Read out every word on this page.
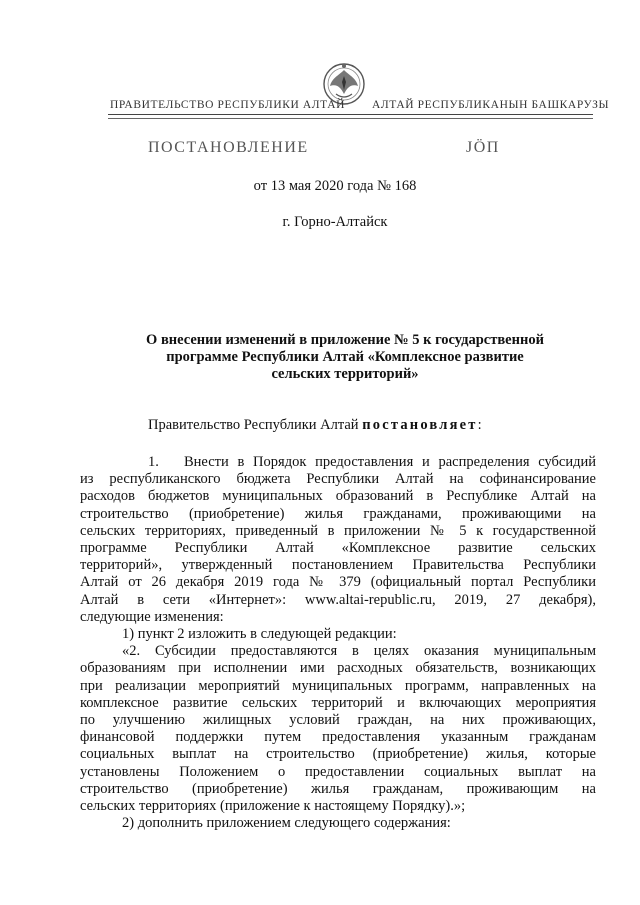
ПРАВИТЕЛЬСТВО РЕСПУБЛИКИ АЛТАЙ АЛТАЙ РЕСПУБЛИКАНЫН БАШКАРУЗЫ
ПОСТАНОВЛЕНИЕ	ЈӦП
от 13 мая 2020 года № 168
г. Горно-Алтайск
О внесении изменений в приложение № 5 к государственной
программе Республики Алтай «Комплексное развитие
сельских территорий»
Правительство Республики Алтай постановляет:
1. Внести в Порядок предоставления и распределения субсидий
из республиканского бюджета Республики Алтай на софинансирование
расходов бюджетов муниципальных образований в Республике Алтай на
строительство (приобретение) жилья гражданами, проживающими на
сельских территориях, приведенный в приложении № 5 к государственной
программе Республики Алтай «Комплексное развитие сельских
территорий», утвержденный постановлением Правительства Республики
Алтай от 26 декабря 2019 года № 379 (официальный портал Республики
Алтай в сети «Интернет»: www.altai-republic.ru, 2019, 27 декабря),
следующие изменения:
1) пункт 2 изложить в следующей редакции:
«2. Субсидии предоставляются в целях оказания муниципальным
образованиям при исполнении ими расходных обязательств, возникающих
при реализации мероприятий муниципальных программ, направленных на
комплексное развитие сельских территорий и включающих мероприятия
по улучшению жилищных условий граждан, на них проживающих,
финансовой поддержки путем предоставления указанным гражданам
социальных выплат на строительство (приобретение) жилья, которые
установлены Положением о предоставлении социальных выплат на
строительство (приобретение) жилья гражданам, проживающим на
сельских территориях (приложение к настоящему Порядку).»;
2) дополнить приложением следующего содержания:
